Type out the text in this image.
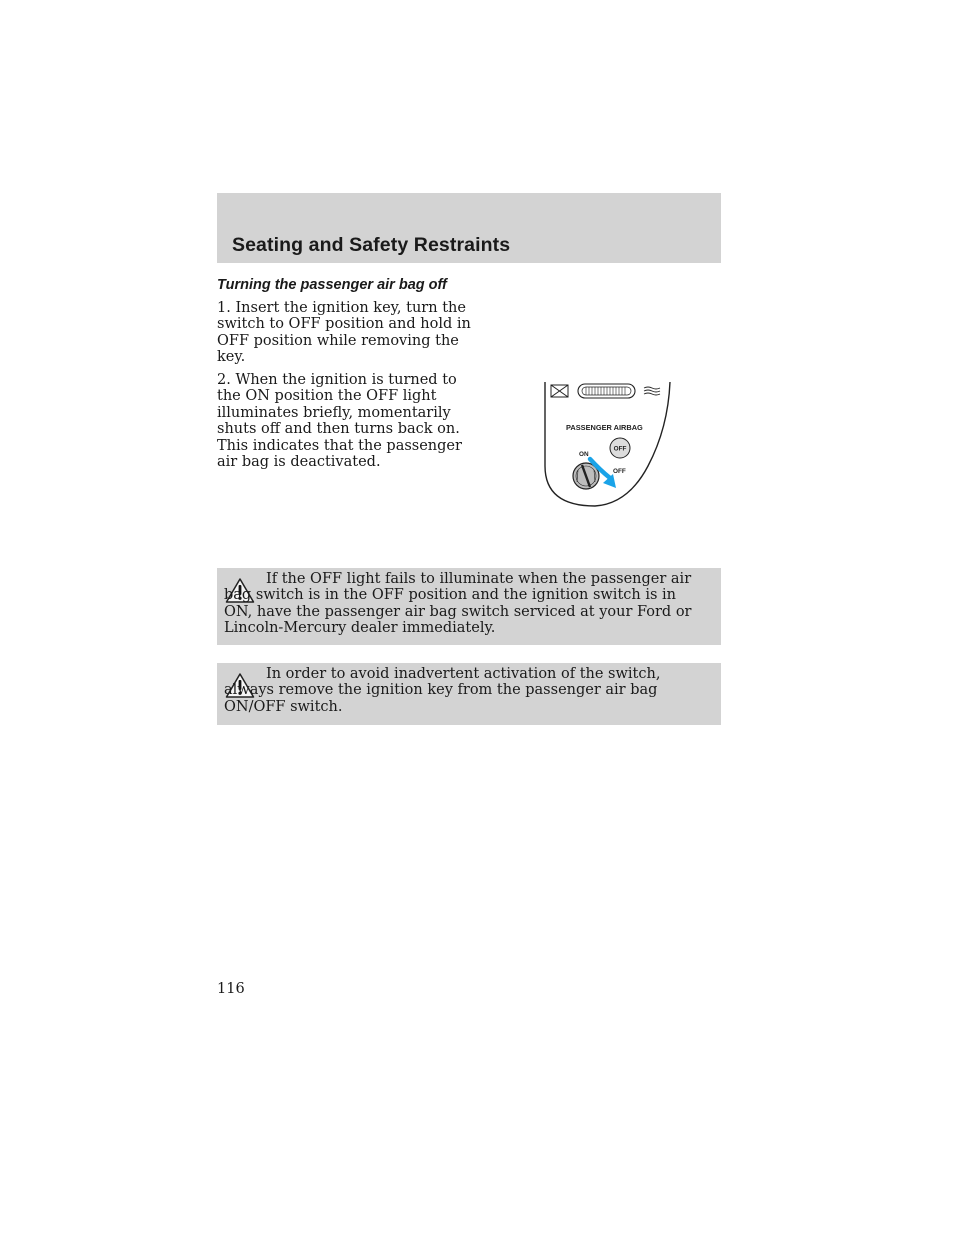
Seating and Safety Restraints
Turning the passenger air bag off

1. Insert the ignition key, turn the switch to OFF position and hold in OFF position while removing the key.

2. When the ignition is turned to the ON position the OFF light illuminates briefly, momentarily shuts off and then turns back on. This indicates that the passenger air bag is deactivated.

PASSENGER AIRBAG
OFF
ON
OFF

If the OFF light fails to illuminate when the passenger air bag switch is in the OFF position and the ignition switch is in ON, have the passenger air bag switch serviced at your Ford or Lincoln-Mercury dealer immediately.

In order to avoid inadvertent activation of the switch, always remove the ignition key from the passenger air bag ON/OFF switch.

116
